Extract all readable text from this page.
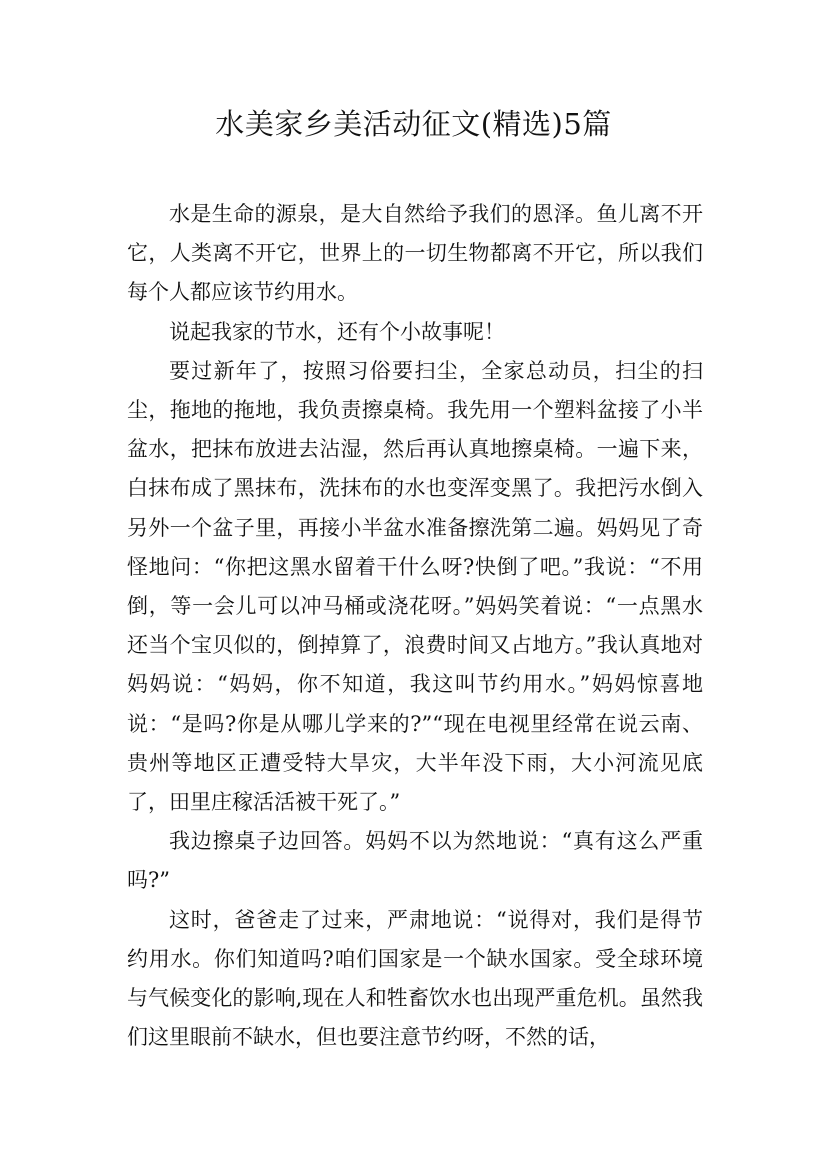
水美家乡美活动征文(精选)5篇

水是生命的源泉，是大自然给予我们的恩泽。鱼儿离不开它，人类离不开它，世界上的一切生物都离不开它，所以我们每个人都应该节约用水。

说起我家的节水，还有个小故事呢！

要过新年了，按照习俗要扫尘，全家总动员，扫尘的扫尘，拖地的拖地，我负责擦桌椅。我先用一个塑料盆接了小半盆水，把抹布放进去沾湿，然后再认真地擦桌椅。一遍下来，白抹布成了黑抹布，洗抹布的水也变浑变黑了。我把污水倒入另外一个盆子里，再接小半盆水准备擦洗第二遍。妈妈见了奇怪地问：“你把这黑水留着干什么呀?快倒了吧。”我说：“不用倒，等一会儿可以冲马桶或浇花呀。”妈妈笑着说：“一点黑水还当个宝贝似的，倒掉算了，浪费时间又占地方。”我认真地对妈妈说：“妈妈，你不知道，我这叫节约用水。”妈妈惊喜地说：“是吗?你是从哪儿学来的?”“现在电视里经常在说云南、贵州等地区正遭受特大旱灾，大半年没下雨，大小河流见底了，田里庄稼活活被干死了。”

我边擦桌子边回答。妈妈不以为然地说：“真有这么严重吗?”

这时，爸爸走了过来，严肃地说：“说得对，我们是得节约用水。你们知道吗?咱们国家是一个缺水国家。受全球环境与气候变化的影响,现在人和牲畜饮水也出现严重危机。虽然我们这里眼前不缺水，但也要注意节约呀，不然的话，
